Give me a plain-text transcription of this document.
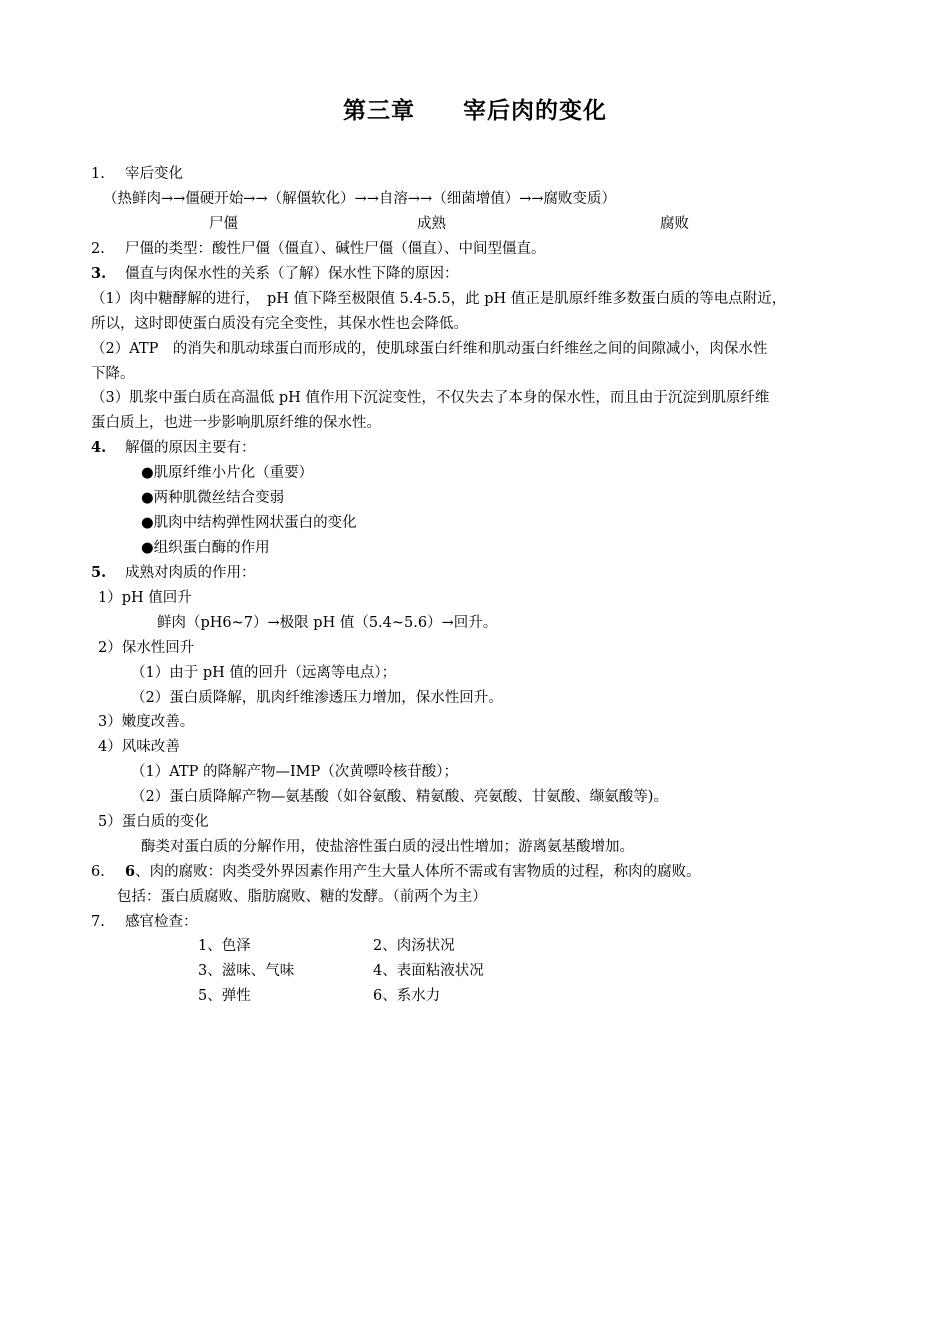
第三章　　宰后肉的变化
1. 宰后变化
（热鲜肉→→僵硬开始→→（解僵软化）→→自溶→→（细菌增值）→→腐败变质）
尸僵	成熟	腐败
2. 尸僵的类型：酸性尸僵（僵直）、碱性尸僵（僵直）、中间型僵直。
3. 僵直与肉保水性的关系（了解）保水性下降的原因：
（1）肉中糖酵解的进行，　pH 值下降至极限值 5.4-5.5，此 pH 值正是肌原纤维多数蛋白质的等电点附近，
所以，这时即使蛋白质没有完全变性，其保水性也会降低。
（2）ATP　的消失和肌动球蛋白而形成的，使肌球蛋白纤维和肌动蛋白纤维丝之间的间隙减小，肉保水性
下降。
（3）肌浆中蛋白质在高温低 pH 值作用下沉淀变性，不仅失去了本身的保水性，而且由于沉淀到肌原纤维
蛋白质上，也进一步影响肌原纤维的保水性。
4. 解僵的原因主要有：
●肌原纤维小片化（重要）
●两种肌微丝结合变弱
●肌肉中结构弹性网状蛋白的变化
●组织蛋白酶的作用
5. 成熟对肉质的作用：
1）pH 值回升
鲜肉（pH6~7）→极限 pH 值（5.4~5.6）→回升。
2）保水性回升
（1）由于 pH 值的回升（远离等电点）；
（2）蛋白质降解，肌肉纤维渗透压力增加，保水性回升。
3）嫩度改善。
4）风味改善
（1）ATP 的降解产物—IMP（次黄嘌呤核苷酸）；
（2）蛋白质降解产物—氨基酸（如谷氨酸、精氨酸、亮氨酸、甘氨酸、缬氨酸等)。
5）蛋白质的变化
酶类对蛋白质的分解作用，使盐溶性蛋白质的浸出性增加；游离氨基酸增加。
6. 6、肉的腐败：肉类受外界因素作用产生大量人体所不需或有害物质的过程，称肉的腐败。
包括：蛋白质腐败、脂肪腐败、糖的发酵。（前两个为主）
7. 感官检查：
1、色泽	2、肉汤状况
3、滋味、气味	4、表面粘液状况
5、弹性	6、系水力
